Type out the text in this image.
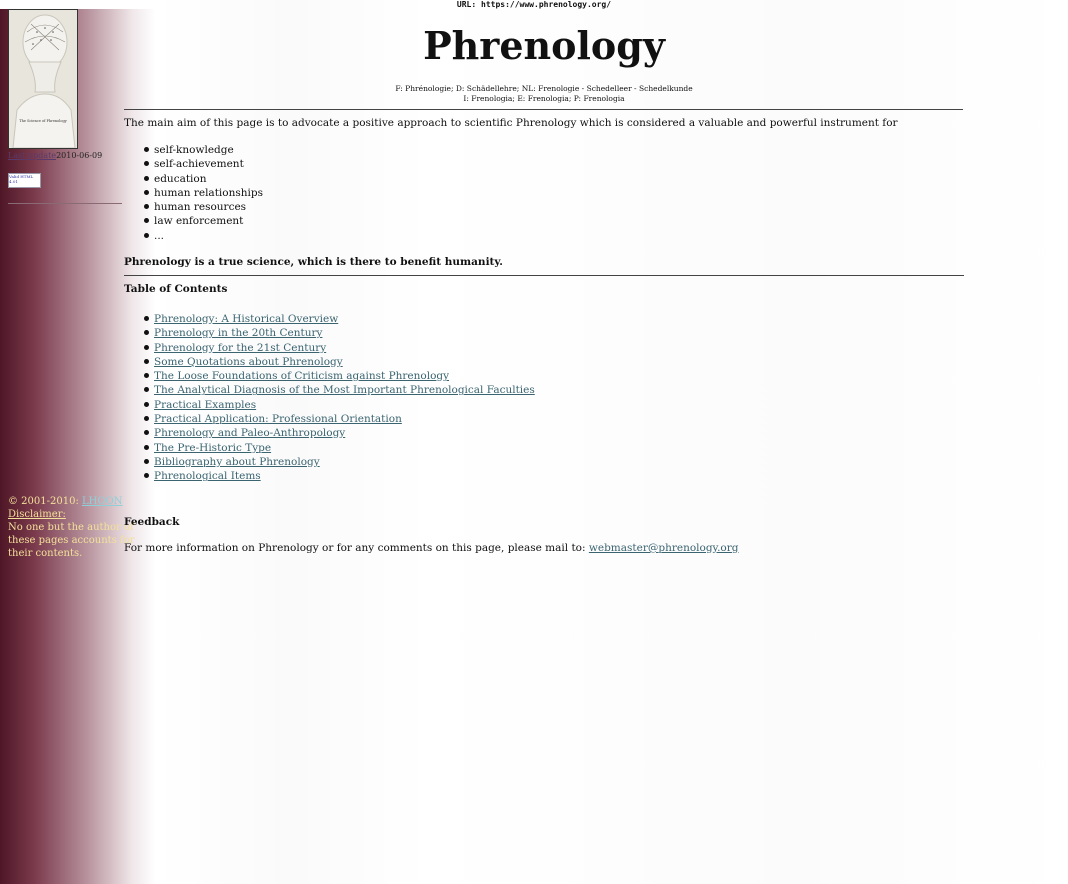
URL: https://www.phrenology.org/
The Science of Phrenology
Last update2010-06-09
Valid HTML 4.01
© 2001-2010: LHOON
Disclaimer:
No one but the author of these pages accounts for their contents.
Phrenology
F: Phrénologie; D: Schädellehre; NL: Frenologie - Schedelleer - Schedelkunde
I: Frenologia; E: Frenologia; P: Frenologia
The main aim of this page is to advocate a positive approach to scientific Phrenology which is considered a valuable and powerful instrument for
self-knowledge
self-achievement
education
human relationships
human resources
law enforcement
...
Phrenology is a true science, which is there to benefit humanity.
Table of Contents
Phrenology: A Historical Overview
Phrenology in the 20th Century
Phrenology for the 21st Century
Some Quotations about Phrenology
The Loose Foundations of Criticism against Phrenology
The Analytical Diagnosis of the Most Important Phrenological Faculties
Practical Examples
Practical Application: Professional Orientation
Phrenology and Paleo-Anthropology
The Pre-Historic Type
Bibliography about Phrenology
Phrenological Items
Feedback
For more information on Phrenology or for any comments on this page, please mail to: webmaster@phrenology.org
